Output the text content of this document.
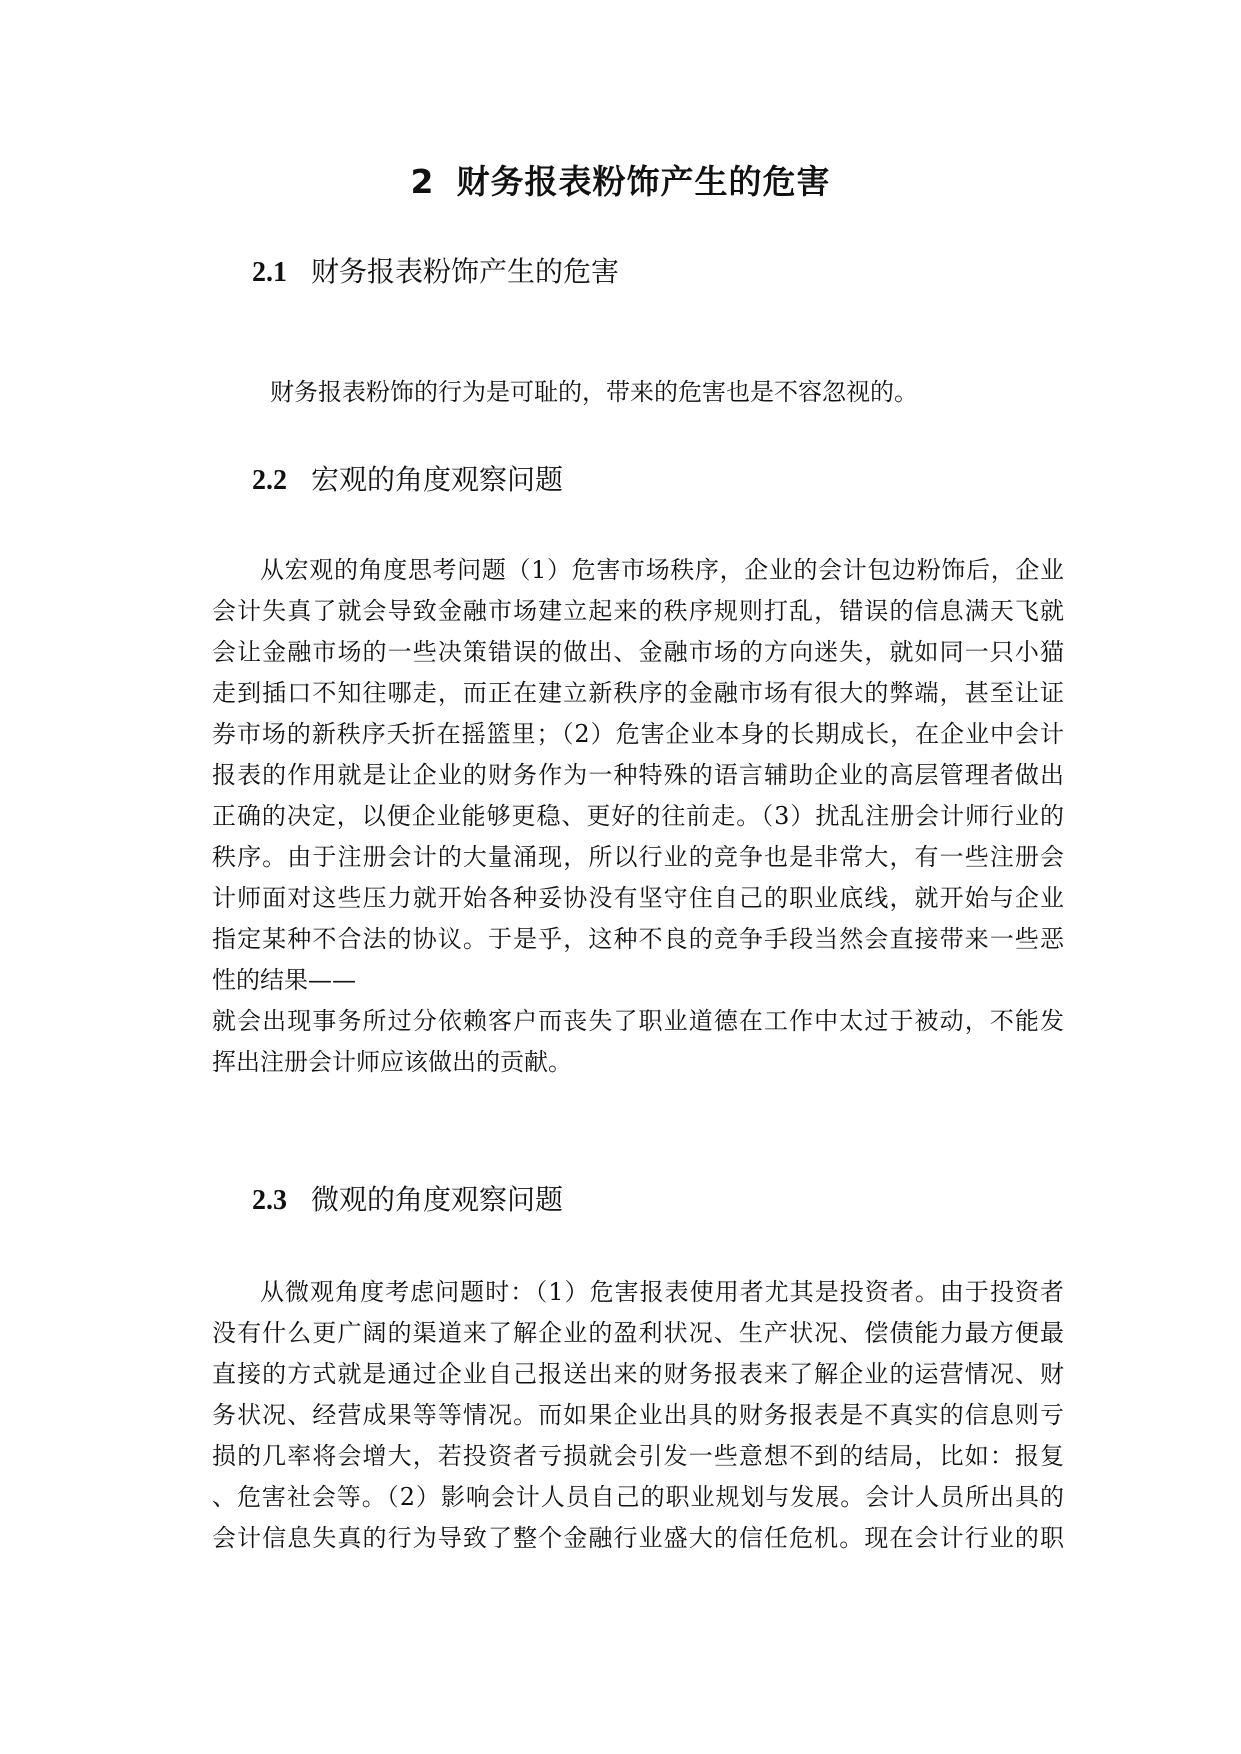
2 财务报表粉饰产生的危害
2.1 财务报表粉饰产生的危害
财务报表粉饰的行为是可耻的，带来的危害也是不容忽视的。
2.2 宏观的角度观察问题
从宏观的角度思考问题（1）危害市场秩序，企业的会计包边粉饰后，企业
会计失真了就会导致金融市场建立起来的秩序规则打乱，错误的信息满天飞就
会让金融市场的一些决策错误的做出、金融市场的方向迷失，就如同一只小猫
走到插口不知往哪走，而正在建立新秩序的金融市场有很大的弊端，甚至让证
券市场的新秩序夭折在摇篮里；（2）危害企业本身的长期成长，在企业中会计
报表的作用就是让企业的财务作为一种特殊的语言辅助企业的高层管理者做出
正确的决定，以便企业能够更稳、更好的往前走。（3）扰乱注册会计师行业的
秩序。由于注册会计的大量涌现，所以行业的竞争也是非常大，有一些注册会
计师面对这些压力就开始各种妥协没有坚守住自己的职业底线，就开始与企业
指定某种不合法的协议。于是乎，这种不良的竞争手段当然会直接带来一些恶
性的结果——
就会出现事务所过分依赖客户而丧失了职业道德在工作中太过于被动，不能发
挥出注册会计师应该做出的贡献。
2.3 微观的角度观察问题
从微观角度考虑问题时：（1）危害报表使用者尤其是投资者。由于投资者
没有什么更广阔的渠道来了解企业的盈利状况、生产状况、偿债能力最方便最
直接的方式就是通过企业自己报送出来的财务报表来了解企业的运营情况、财
务状况、经营成果等等情况。而如果企业出具的财务报表是不真实的信息则亏
损的几率将会增大，若投资者亏损就会引发一些意想不到的结局，比如：报复
、危害社会等。（2）影响会计人员自己的职业规划与发展。会计人员所出具的
会计信息失真的行为导致了整个金融行业盛大的信任危机。现在会计行业的职
